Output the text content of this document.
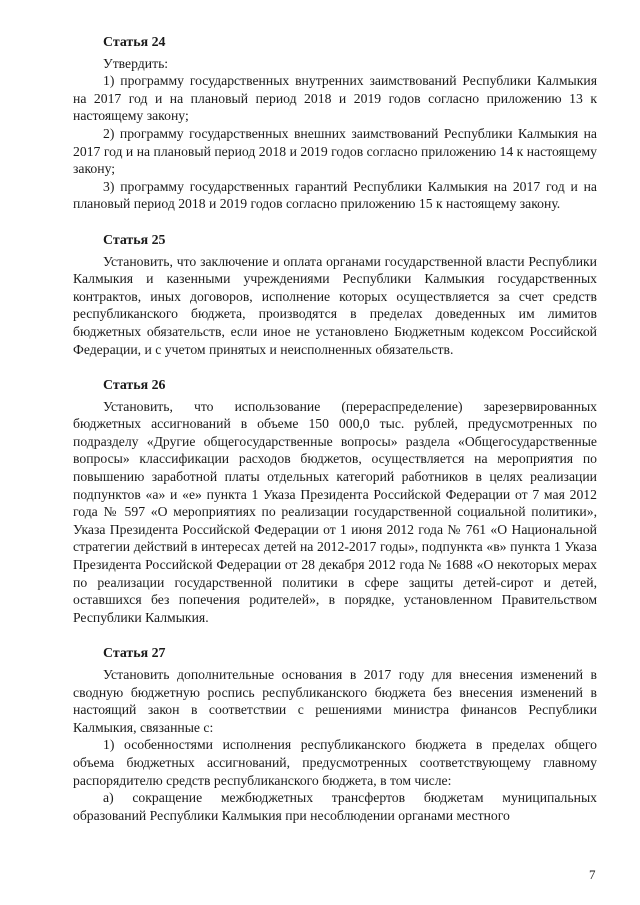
Статья 24

Утвердить:

1) программу государственных внутренних заимствований Республики Калмыкия на 2017 год и на плановый период 2018 и 2019 годов согласно приложению 13 к настоящему закону;

2) программу государственных внешних заимствований Республики Калмыкия на 2017 год и на плановый период 2018 и 2019 годов согласно приложению 14 к настоящему закону;

3) программу государственных гарантий Республики Калмыкия на 2017 год и на плановый период 2018 и 2019 годов согласно приложению 15 к настоящему закону.

Статья 25

Установить, что заключение и оплата органами государственной власти Республики Калмыкия и казенными учреждениями Республики Калмыкия государственных контрактов, иных договоров, исполнение которых осуществляется за счет средств республиканского бюджета, производятся в пределах доведенных им лимитов бюджетных обязательств, если иное не установлено Бюджетным кодексом Российской Федерации, и с учетом принятых и неисполненных обязательств.

Статья 26

Установить, что использование (перераспределение) зарезервированных бюджетных ассигнований в объеме 150 000,0 тыс. рублей, предусмотренных по подразделу «Другие общегосударственные вопросы» раздела «Общегосударственные вопросы» классификации расходов бюджетов, осуществляется на мероприятия по повышению заработной платы отдельных категорий работников в целях реализации подпунктов «а» и «е» пункта 1 Указа Президента Российской Федерации от 7 мая 2012 года № 597 «О мероприятиях по реализации государственной социальной политики», Указа Президента Российской Федерации от 1 июня 2012 года № 761 «О Национальной стратегии действий в интересах детей на 2012-2017 годы», подпункта «в» пункта 1 Указа Президента Российской Федерации от 28 декабря 2012 года № 1688 «О некоторых мерах по реализации государственной политики в сфере защиты детей-сирот и детей, оставшихся без попечения родителей», в порядке, установленном Правительством Республики Калмыкия.

Статья 27

Установить дополнительные основания в 2017 году для внесения изменений в сводную бюджетную роспись республиканского бюджета без внесения изменений в настоящий закон в соответствии с решениями министра финансов Республики Калмыкия, связанные с:

1) особенностями исполнения республиканского бюджета в пределах общего объема бюджетных ассигнований, предусмотренных соответствующему главному распорядителю средств республиканского бюджета, в том числе:

а) сокращение межбюджетных трансфертов бюджетам муниципальных образований Республики Калмыкия при несоблюдении органами местного

7
